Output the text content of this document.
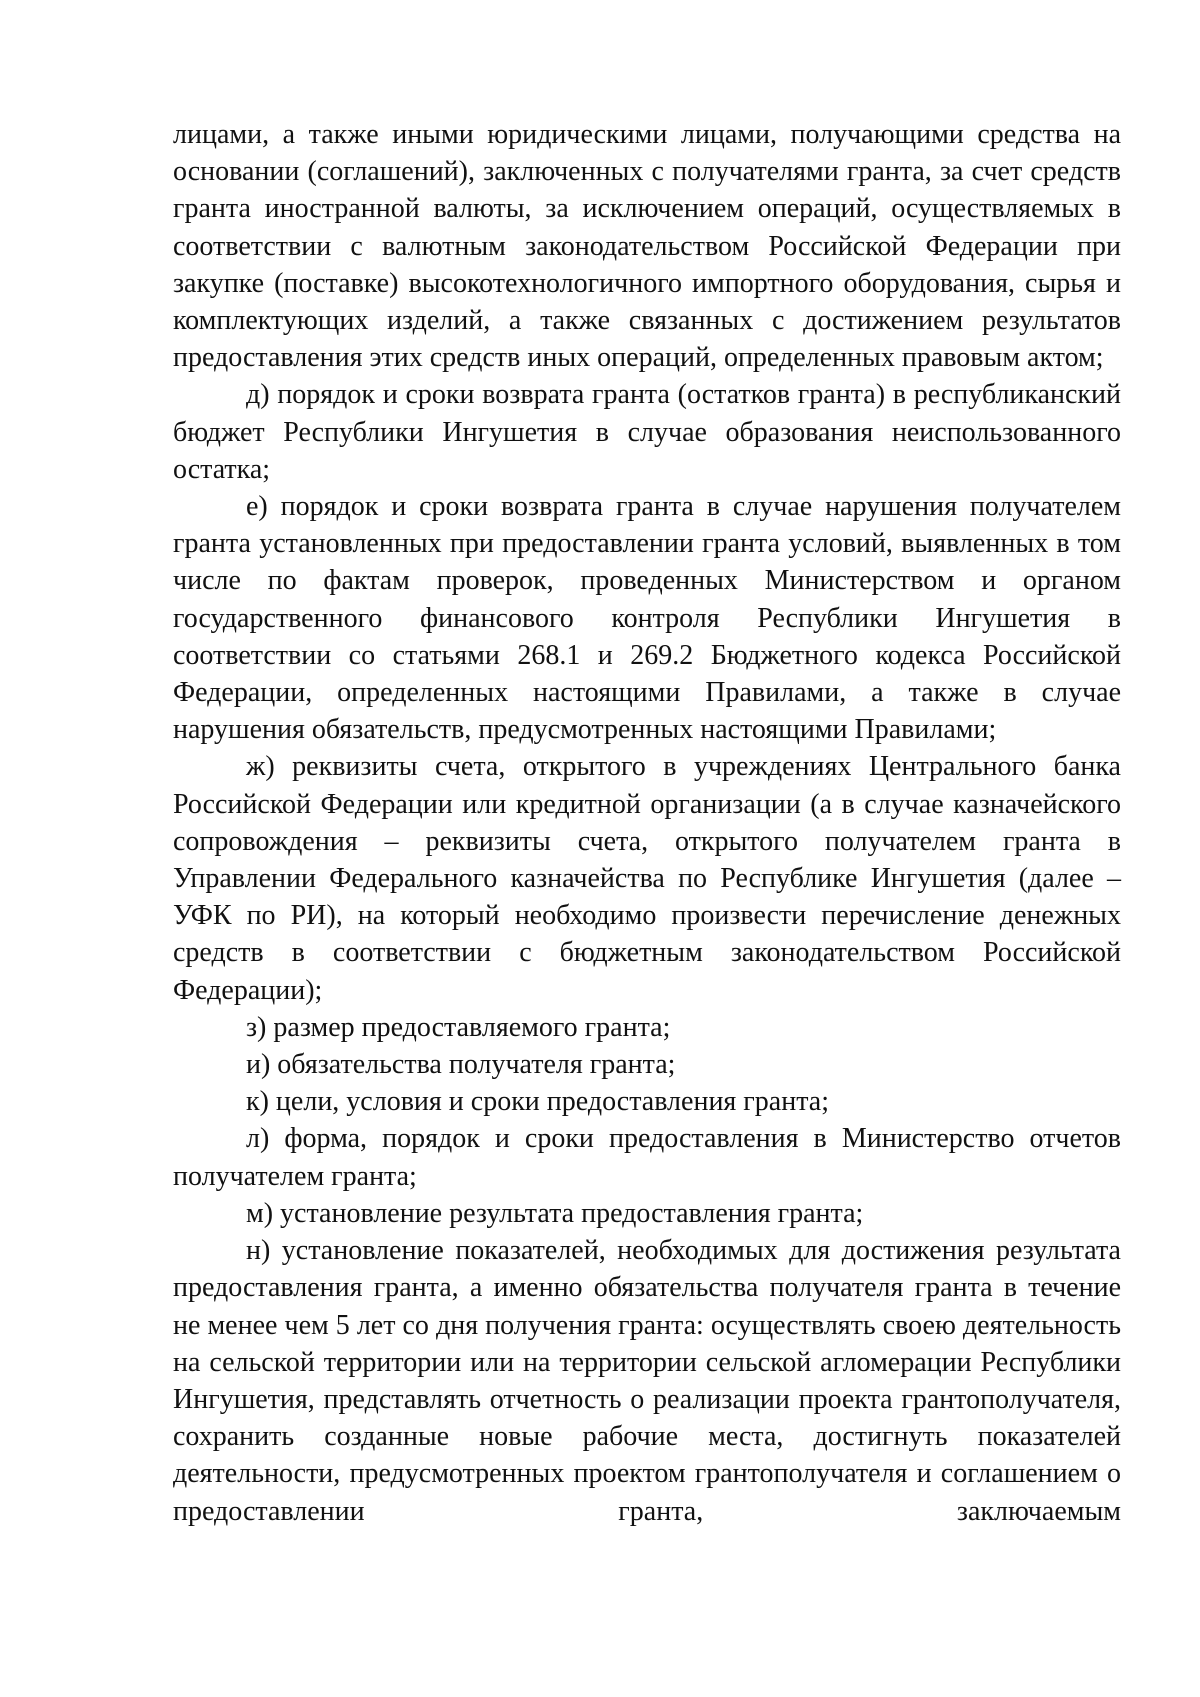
лицами, а также иными юридическими лицами, получающими средства на основании (соглашений), заключенных с получателями гранта, за счет средств гранта иностранной валюты, за исключением операций, осуществляемых в соответствии с валютным законодательством Российской Федерации при закупке (поставке) высокотехнологичного импортного оборудования, сырья и комплектующих изделий, а также связанных с достижением результатов предоставления этих средств иных операций, определенных правовым актом;

д) порядок и сроки возврата гранта (остатков гранта) в республиканский бюджет Республики Ингушетия в случае образования неиспользованного остатка;

е) порядок и сроки возврата гранта в случае нарушения получателем гранта установленных при предоставлении гранта условий, выявленных в том числе по фактам проверок, проведенных Министерством и органом государственного финансового контроля Республики Ингушетия в соответствии со статьями 268.1 и 269.2 Бюджетного кодекса Российской Федерации, определенных настоящими Правилами, а также в случае нарушения обязательств, предусмотренных настоящими Правилами;

ж) реквизиты счета, открытого в учреждениях Центрального банка Российской Федерации или кредитной организации (а в случае казначейского сопровождения – реквизиты счета, открытого получателем гранта в Управлении Федерального казначейства по Республике Ингушетия (далее – УФК по РИ), на который необходимо произвести перечисление денежных средств в соответствии с бюджетным законодательством Российской Федерации);

з) размер предоставляемого гранта;

и) обязательства получателя гранта;

к) цели, условия и сроки предоставления гранта;

л) форма, порядок и сроки предоставления в Министерство отчетов получателем гранта;

м) установление результата предоставления гранта;

н) установление показателей, необходимых для достижения результата предоставления гранта, а именно обязательства получателя гранта в течение не менее чем 5 лет со дня получения гранта: осуществлять своею деятельность на сельской территории или на территории сельской агломерации Республики Ингушетия, представлять отчетность о реализации проекта грантополучателя, сохранить созданные новые рабочие места, достигнуть показателей деятельности, предусмотренных проектом грантополучателя и соглашением о предоставлении гранта, заключаемым
